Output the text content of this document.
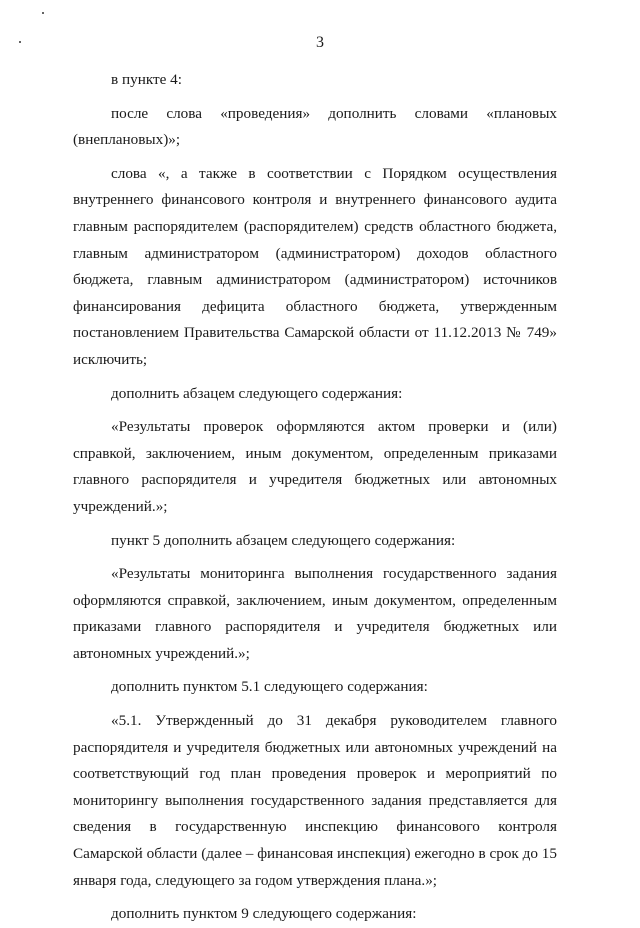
3

в пункте 4:

после слова «проведения» дополнить словами «плановых (внеплановых)»;

слова «, а также в соответствии с Порядком осуществления внутреннего финансового контроля и внутреннего финансового аудита главным распорядителем (распорядителем) средств областного бюджета, главным администратором (администратором) доходов областного бюджета, главным администратором (администратором) источников финансирования дефицита областного бюджета, утвержденным постановлением Правительства Самарской области от 11.12.2013 № 749» исключить;

дополнить абзацем следующего содержания:

«Результаты проверок оформляются актом проверки и (или) справкой, заключением, иным документом, определенным приказами главного распорядителя и учредителя бюджетных или автономных учреждений.»;

пункт 5 дополнить абзацем следующего содержания:

«Результаты мониторинга выполнения государственного задания оформляются справкой, заключением, иным документом, определенным приказами главного распорядителя и учредителя бюджетных или автономных учреждений.»;

дополнить пунктом 5.1 следующего содержания:

«5.1. Утвержденный до 31 декабря руководителем главного распорядителя и учредителя бюджетных или автономных учреждений на соответствующий год план проведения проверок и мероприятий по мониторингу выполнения государственного задания представляется для сведения в государственную инспекцию финансового контроля Самарской области (далее – финансовая инспекция) ежегодно в срок до 15 января года, следующего за годом утверждения плана.»;

дополнить пунктом 9 следующего содержания:
